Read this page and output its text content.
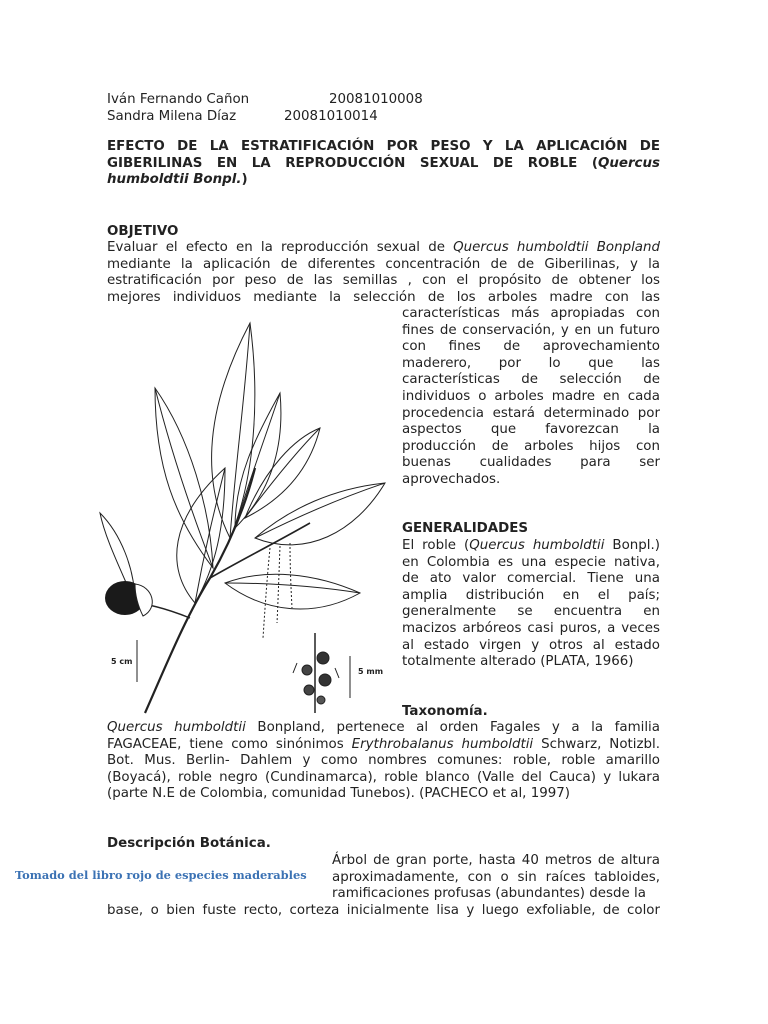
Iván Fernando Cañon	20081010008
Sandra Milena Díaz	20081010014
EFECTO DE LA ESTRATIFICACIÓN POR PESO Y LA APLICACIÓN DE GIBERILINAS EN LA REPRODUCCIÓN SEXUAL DE ROBLE (Quercus humboldtii Bonpl.)
OBJETIVO
Evaluar el efecto en la reproducción sexual de Quercus humboldtii Bonpland
mediante la aplicación de diferentes concentración de de Giberilinas, y la
estratificación por peso de las semillas , con el propósito de obtener los
mejores individuos mediante la selección de los arboles madre con las
características más apropiadas con fines de conservación, y en un futuro con fines de aprovechamiento maderero, por lo que las características de selección de individuos o arboles madre en cada procedencia estará determinado por aspectos que favorezcan la producción de arboles hijos con buenas cualidades para ser aprovechados.
GENERALIDADES
El roble (Quercus humboldtii Bonpl.) en Colombia es una especie nativa, de ato valor comercial. Tiene una amplia distribución en el país; generalmente se encuentra en macizos arbóreos casi puros, a veces al estado virgen y otros al estado totalmente alterado (PLATA, 1966)
5 cm
5 mm
Taxonomía.
Quercus humboldtii Bonpland, pertenece al orden Fagales y a la familia FAGACEAE, tiene como sinónimos Erythrobalanus humboldtii Schwarz, Notizbl. Bot. Mus. Berlin- Dahlem y como nombres comunes: roble, roble amarillo (Boyacá), roble negro (Cundinamarca), roble blanco (Valle del Cauca) y lukara (parte N.E de Colombia, comunidad Tunebos). (PACHECO et al, 1997)
Descripción Botánica.
Tomado del libro rojo de especies maderables
Árbol de gran porte, hasta 40 metros de altura aproximadamente, con o sin raíces tabloides, ramificaciones profusas (abundantes) desde la
base, o bien fuste recto, corteza inicialmente lisa y luego exfoliable, de color
